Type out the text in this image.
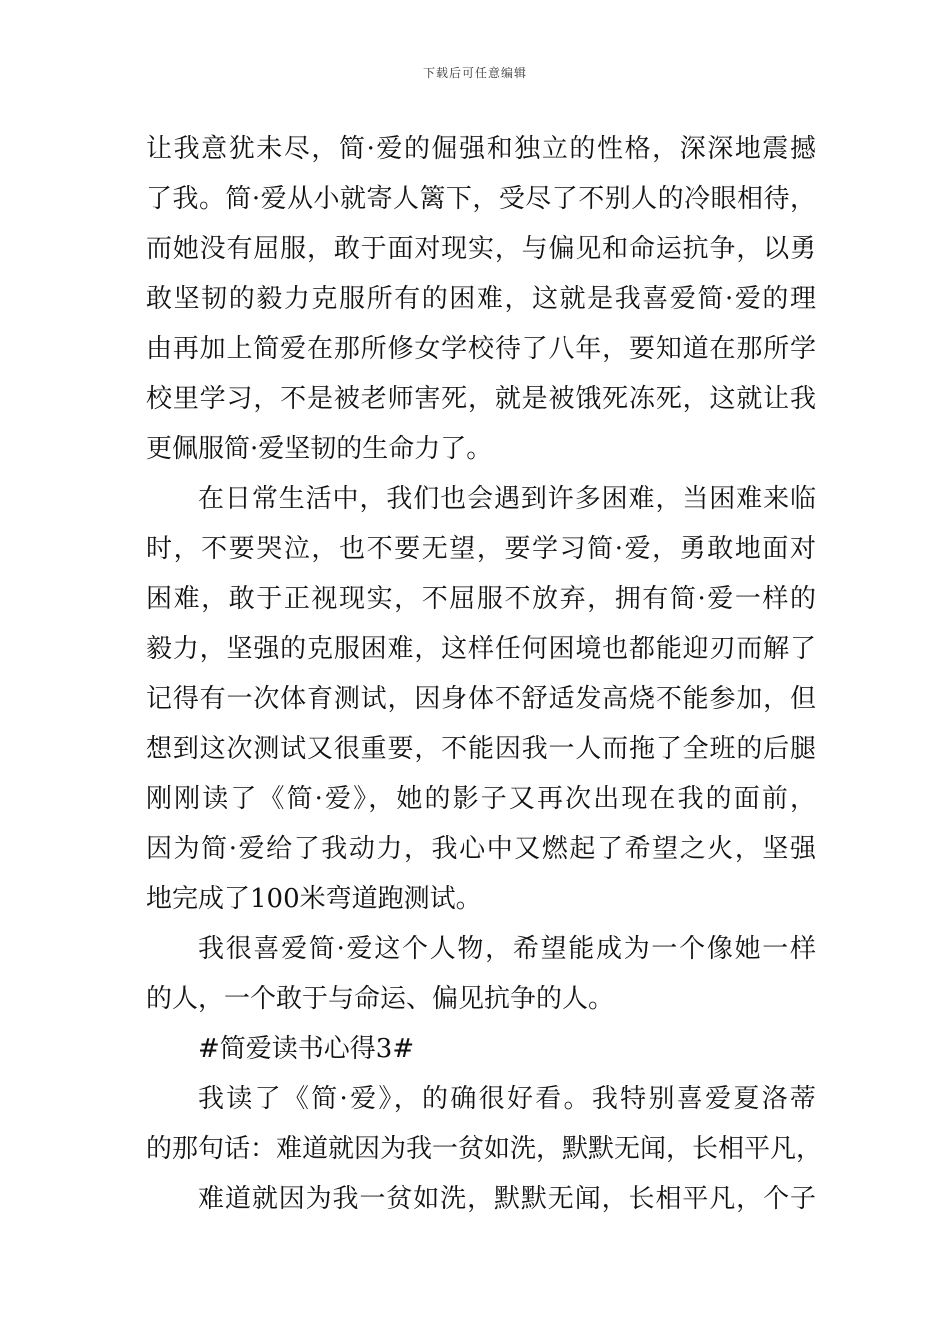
下载后可任意编辑
让我意犹未尽，简·爱的倔强和独立的性格，深深地震撼
了我。简·爱从小就寄人篱下，受尽了不别人的冷眼相待，
而她没有屈服，敢于面对现实，与偏见和命运抗争，以勇
敢坚韧的毅力克服所有的困难，这就是我喜爱简·爱的理
由再加上简爱在那所修女学校待了八年，要知道在那所学
校里学习，不是被老师害死，就是被饿死冻死，这就让我
更佩服简·爱坚韧的生命力了。
在日常生活中，我们也会遇到许多困难，当困难来临
时，不要哭泣，也不要无望，要学习简·爱，勇敢地面对
困难，敢于正视现实，不屈服不放弃，拥有简·爱一样的
毅力，坚强的克服困难，这样任何困境也都能迎刃而解了
记得有一次体育测试，因身体不舒适发高烧不能参加，但
想到这次测试又很重要，不能因我一人而拖了全班的后腿
刚刚读了《简·爱》，她的影子又再次出现在我的面前，
因为简·爱给了我动力，我心中又燃起了希望之火，坚强
地完成了100米弯道跑测试。
我很喜爱简·爱这个人物，希望能成为一个像她一样
的人，一个敢于与命运、偏见抗争的人。
#简爱读书心得3#
我读了《简·爱》，的确很好看。我特别喜爱夏洛蒂
的那句话：难道就因为我一贫如洗，默默无闻，长相平凡，
难道就因为我一贫如洗，默默无闻，长相平凡，个子
